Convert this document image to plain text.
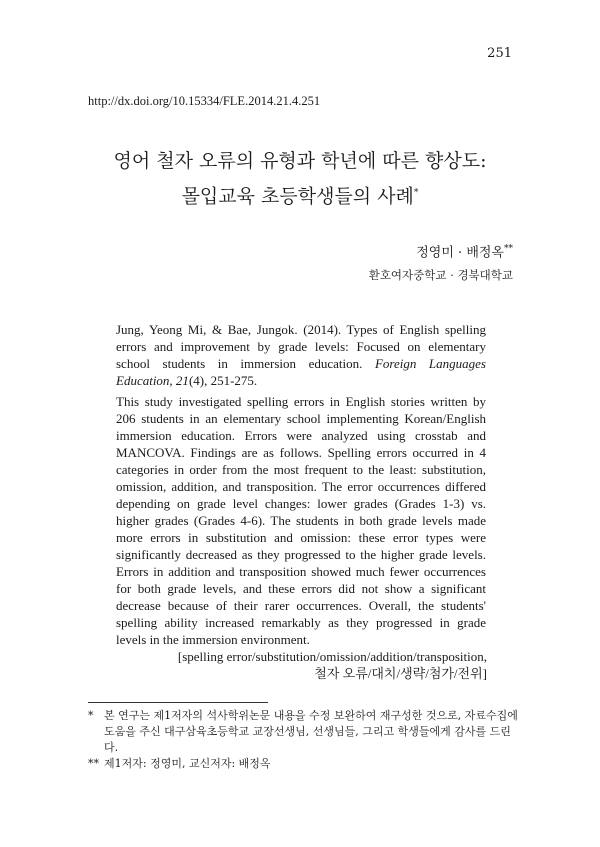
251
http://dx.doi.org/10.15334/FLE.2014.21.4.251
영어 철자 오류의 유형과 학년에 따른 향상도:
몰입교육 초등학생들의 사례*
정영미 · 배정옥**
환호여자중학교 · 경북대학교
Jung, Yeong Mi, & Bae, Jungok. (2014). Types of English spelling errors and improvement by grade levels: Focused on elementary school students in immersion education. Foreign Languages Education, 21(4), 251-275.
This study investigated spelling errors in English stories written by 206 students in an elementary school implementing Korean/English immersion education. Errors were analyzed using crosstab and MANCOVA. Findings are as follows. Spelling errors occurred in 4 categories in order from the most frequent to the least: substitution, omission, addition, and transposition. The error occurrences differed depending on grade level changes: lower grades (Grades 1-3) vs. higher grades (Grades 4-6). The students in both grade levels made more errors in substitution and omission: these error types were significantly decreased as they progressed to the higher grade levels. Errors in addition and transposition showed much fewer occurrences for both grade levels, and these errors did not show a significant decrease because of their rarer occurrences. Overall, the students' spelling ability increased remarkably as they progressed in grade levels in the immersion environment.
[spelling error/substitution/omission/addition/transposition,
철자 오류/대치/생략/첨가/전위]
* 본 연구는 제1저자의 석사학위논문 내용을 수정 보완하여 재구성한 것으로, 자료수집에 도움을 주신 대구삼육초등학교 교장선생님, 선생님들, 그리고 학생들에게 감사를 드린다.
** 제1저자: 정영미, 교신저자: 배정옥
